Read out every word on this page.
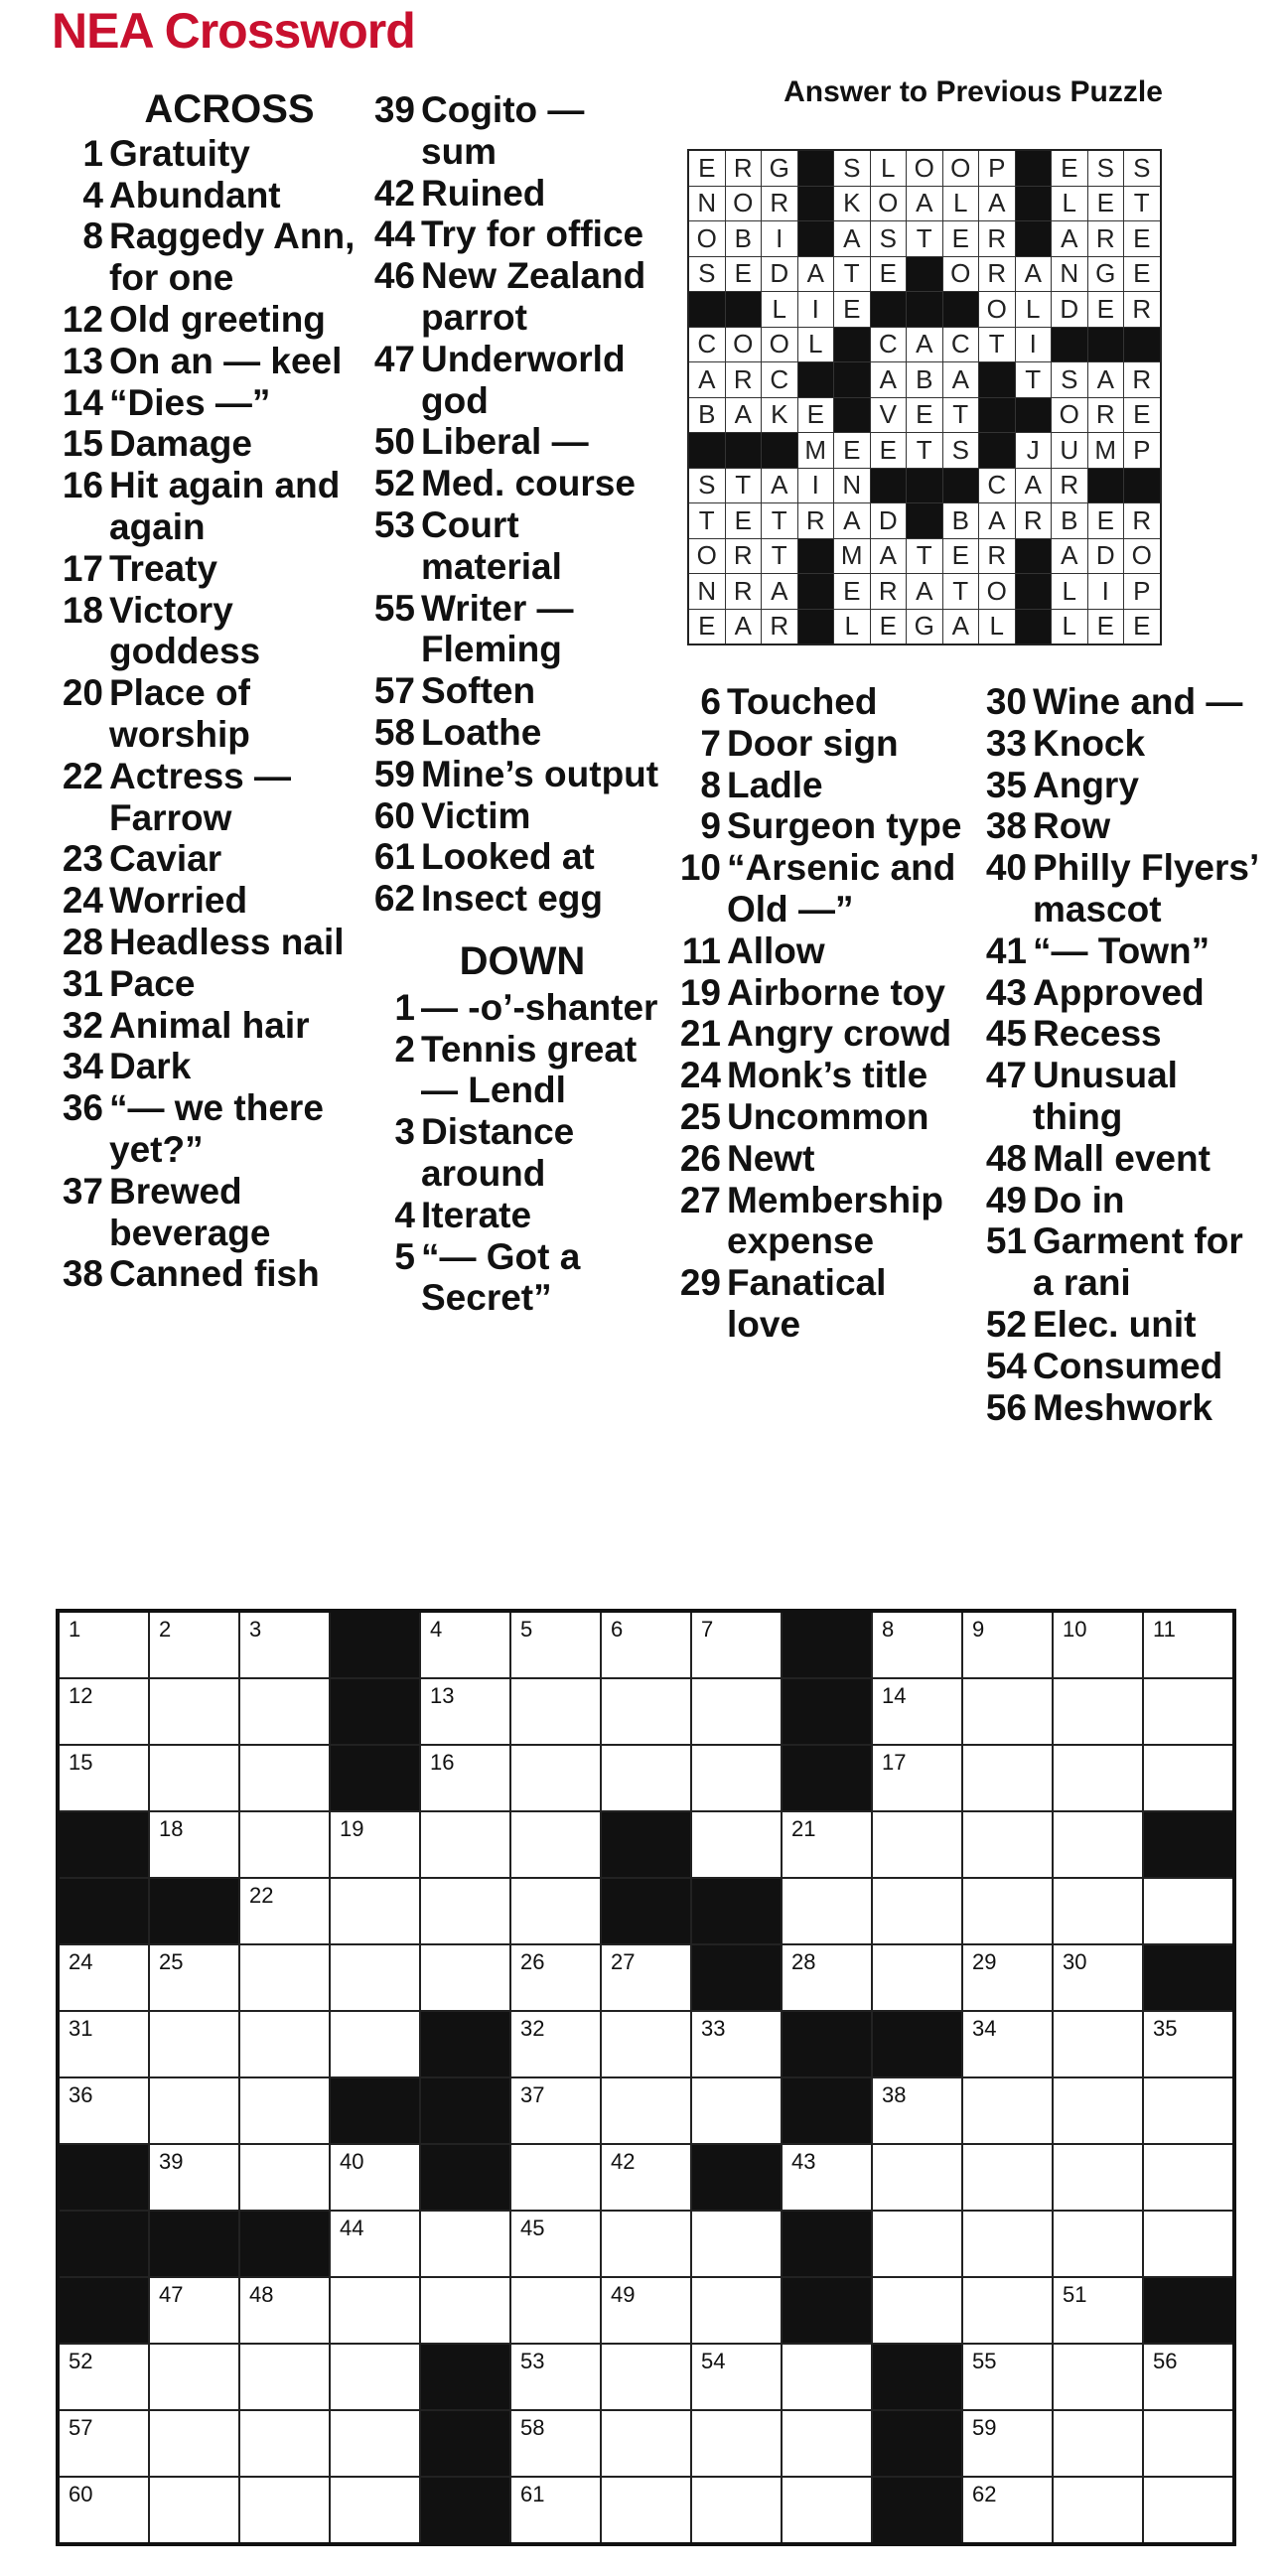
NEA Crossword
ACROSS
1 Gratuity
4 Abundant
8 Raggedy Ann, for one
12 Old greeting
13 On an — keel
14 “Dies —”
15 Damage
16 Hit again and again
17 Treaty
18 Victory goddess
20 Place of worship
22 Actress — Farrow
23 Caviar
24 Worried
28 Headless nail
31 Pace
32 Animal hair
34 Dark
36 “— we there yet?”
37 Brewed beverage
38 Canned fish
39 Cogito — sum
42 Ruined
44 Try for office
46 New Zealand parrot
47 Underworld god
50 Liberal —
52 Med. course
53 Court material
55 Writer — Fleming
57 Soften
58 Loathe
59 Mine’s output
60 Victim
61 Looked at
62 Insect egg
DOWN
1 — -o’-shanter
2 Tennis great — Lendl
3 Distance around
4 Iterate
5 “— Got a Secret”
6 Touched
7 Door sign
8 Ladle
9 Surgeon type
10 “Arsenic and Old —”
11 Allow
19 Airborne toy
21 Angry crowd
24 Monk’s title
25 Uncommon
26 Newt
27 Membership expense
29 Fanatical love
30 Wine and —
33 Knock
35 Angry
38 Row
40 Philly Flyers’ mascot
41 “— Town”
43 Approved
45 Recess
47 Unusual thing
48 Mall event
49 Do in
51 Garment for a rani
52 Elec. unit
54 Consumed
56 Meshwork
Answer to Previous Puzzle
E	R	G		S	L	O	O	P		E	S	S
N	O	R		K	O	A	L	A		L	E	T
O	B	I		A	S	T	E	R		A	R	E
S	E	D	A	T	E		O	R	A	N	G	E
		L	I	E				O	L	D	E	R
C	O	O	L		C	A	C	T	I			
A	R	C			A	B	A		T	S	A	R
B	A	K	E		V	E	T			O	R	E
			M	E	E	T	S		J	U	M	P
S	T	A	I	N				C	A	R		
T	E	T	R	A	D		B	A	R	B	E	R
O	R	T		M	A	T	E	R		A	D	O
N	R	A		E	R	A	T	O		L	I	P
E	A	R		L	E	G	A	L		L	E	E
1	2	3		4	5	6	7		8	9	10	11

12				13					14			

15				16					17			

	18		19					21				

		22										

24	25				26	27		28		29	30	

31					32		33			34		35

36					37				38			

	39		40			42		43				

			44		45							

	47	48				49					51	

52					53		54			55		56

57					58					59		

60					61					62		
